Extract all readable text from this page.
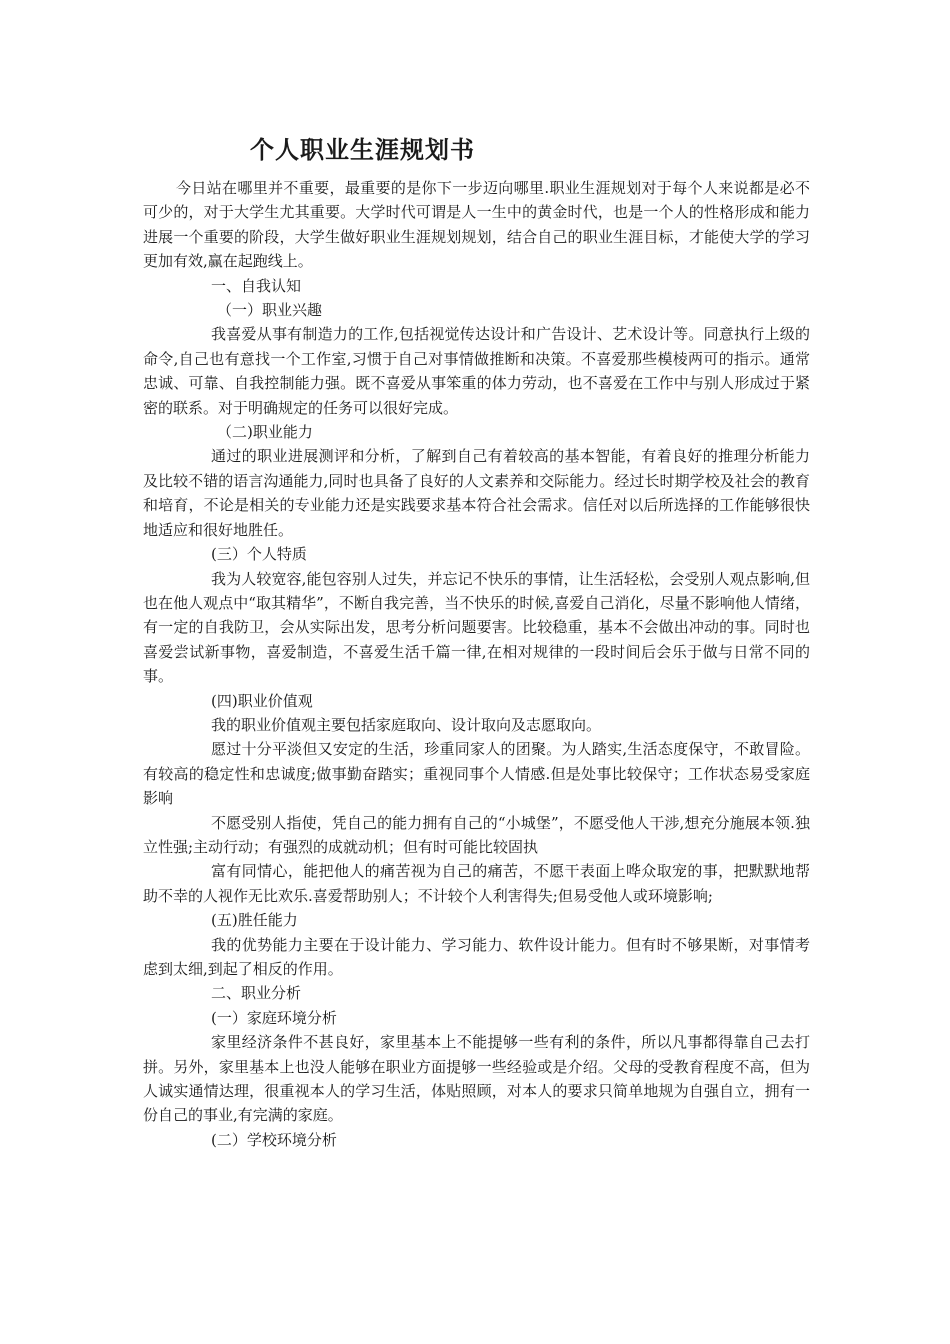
个人职业生涯规划书

今日站在哪里并不重要，最重要的是你下一步迈向哪里.职业生涯规划对于每个人来说都是必不可少的，对于大学生尤其重要。大学时代可谓是人一生中的黄金时代，也是一个人的性格形成和能力进展一个重要的阶段，大学生做好职业生涯规划规划，结合自己的职业生涯目标，才能使大学的学习更加有效,赢在起跑线上。

一、自我认知

（一）职业兴趣

我喜爱从事有制造力的工作,包括视觉传达设计和广告设计、艺术设计等。同意执行上级的命令,自己也有意找一个工作室,习惯于自己对事情做推断和决策。不喜爱那些模棱两可的指示。通常忠诚、可靠、自我控制能力强。既不喜爱从事笨重的体力劳动，也不喜爱在工作中与别人形成过于紧密的联系。对于明确规定的任务可以很好完成。

（二)职业能力

通过的职业进展测评和分析，了解到自己有着较高的基本智能，有着良好的推理分析能力及比较不错的语言沟通能力,同时也具备了良好的人文素养和交际能力。经过长时期学校及社会的教育和培育，不论是相关的专业能力还是实践要求基本符合社会需求。信任对以后所选择的工作能够很快地适应和很好地胜任。

(三）个人特质

我为人较宽容,能包容别人过失，并忘记不快乐的事情，让生活轻松，会受别人观点影响,但也在他人观点中“取其精华”，不断自我完善，当不快乐的时候,喜爱自己消化，尽量不影响他人情绪，有一定的自我防卫，会从实际出发，思考分析问题要害。比较稳重，基本不会做出冲动的事。同时也喜爱尝试新事物，喜爱制造，不喜爱生活千篇一律,在相对规律的一段时间后会乐于做与日常不同的事。

(四)职业价值观

我的职业价值观主要包括家庭取向、设计取向及志愿取向。

愿过十分平淡但又安定的生活，珍重同家人的团聚。为人踏实,生活态度保守，不敢冒险。有较高的稳定性和忠诚度;做事勤奋踏实；重视同事个人情感.但是处事比较保守；工作状态易受家庭影响

不愿受别人指使，凭自己的能力拥有自己的“小城堡”，不愿受他人干涉,想充分施展本领.独立性强;主动行动；有强烈的成就动机；但有时可能比较固执

富有同情心，能把他人的痛苦视为自己的痛苦，不愿干表面上哗众取宠的事，把默默地帮助不幸的人视作无比欢乐.喜爱帮助别人；不计较个人利害得失;但易受他人或环境影响;

(五)胜任能力

我的优势能力主要在于设计能力、学习能力、软件设计能力。但有时不够果断，对事情考虑到太细,到起了相反的作用。

二、职业分析

(一）家庭环境分析

家里经济条件不甚良好，家里基本上不能提够一些有利的条件，所以凡事都得靠自己去打拼。另外，家里基本上也没人能够在职业方面提够一些经验或是介绍。父母的受教育程度不高，但为人诚实通情达理，很重视本人的学习生活，体贴照顾，对本人的要求只简单地规为自强自立，拥有一份自己的事业,有完满的家庭。

(二）学校环境分析
